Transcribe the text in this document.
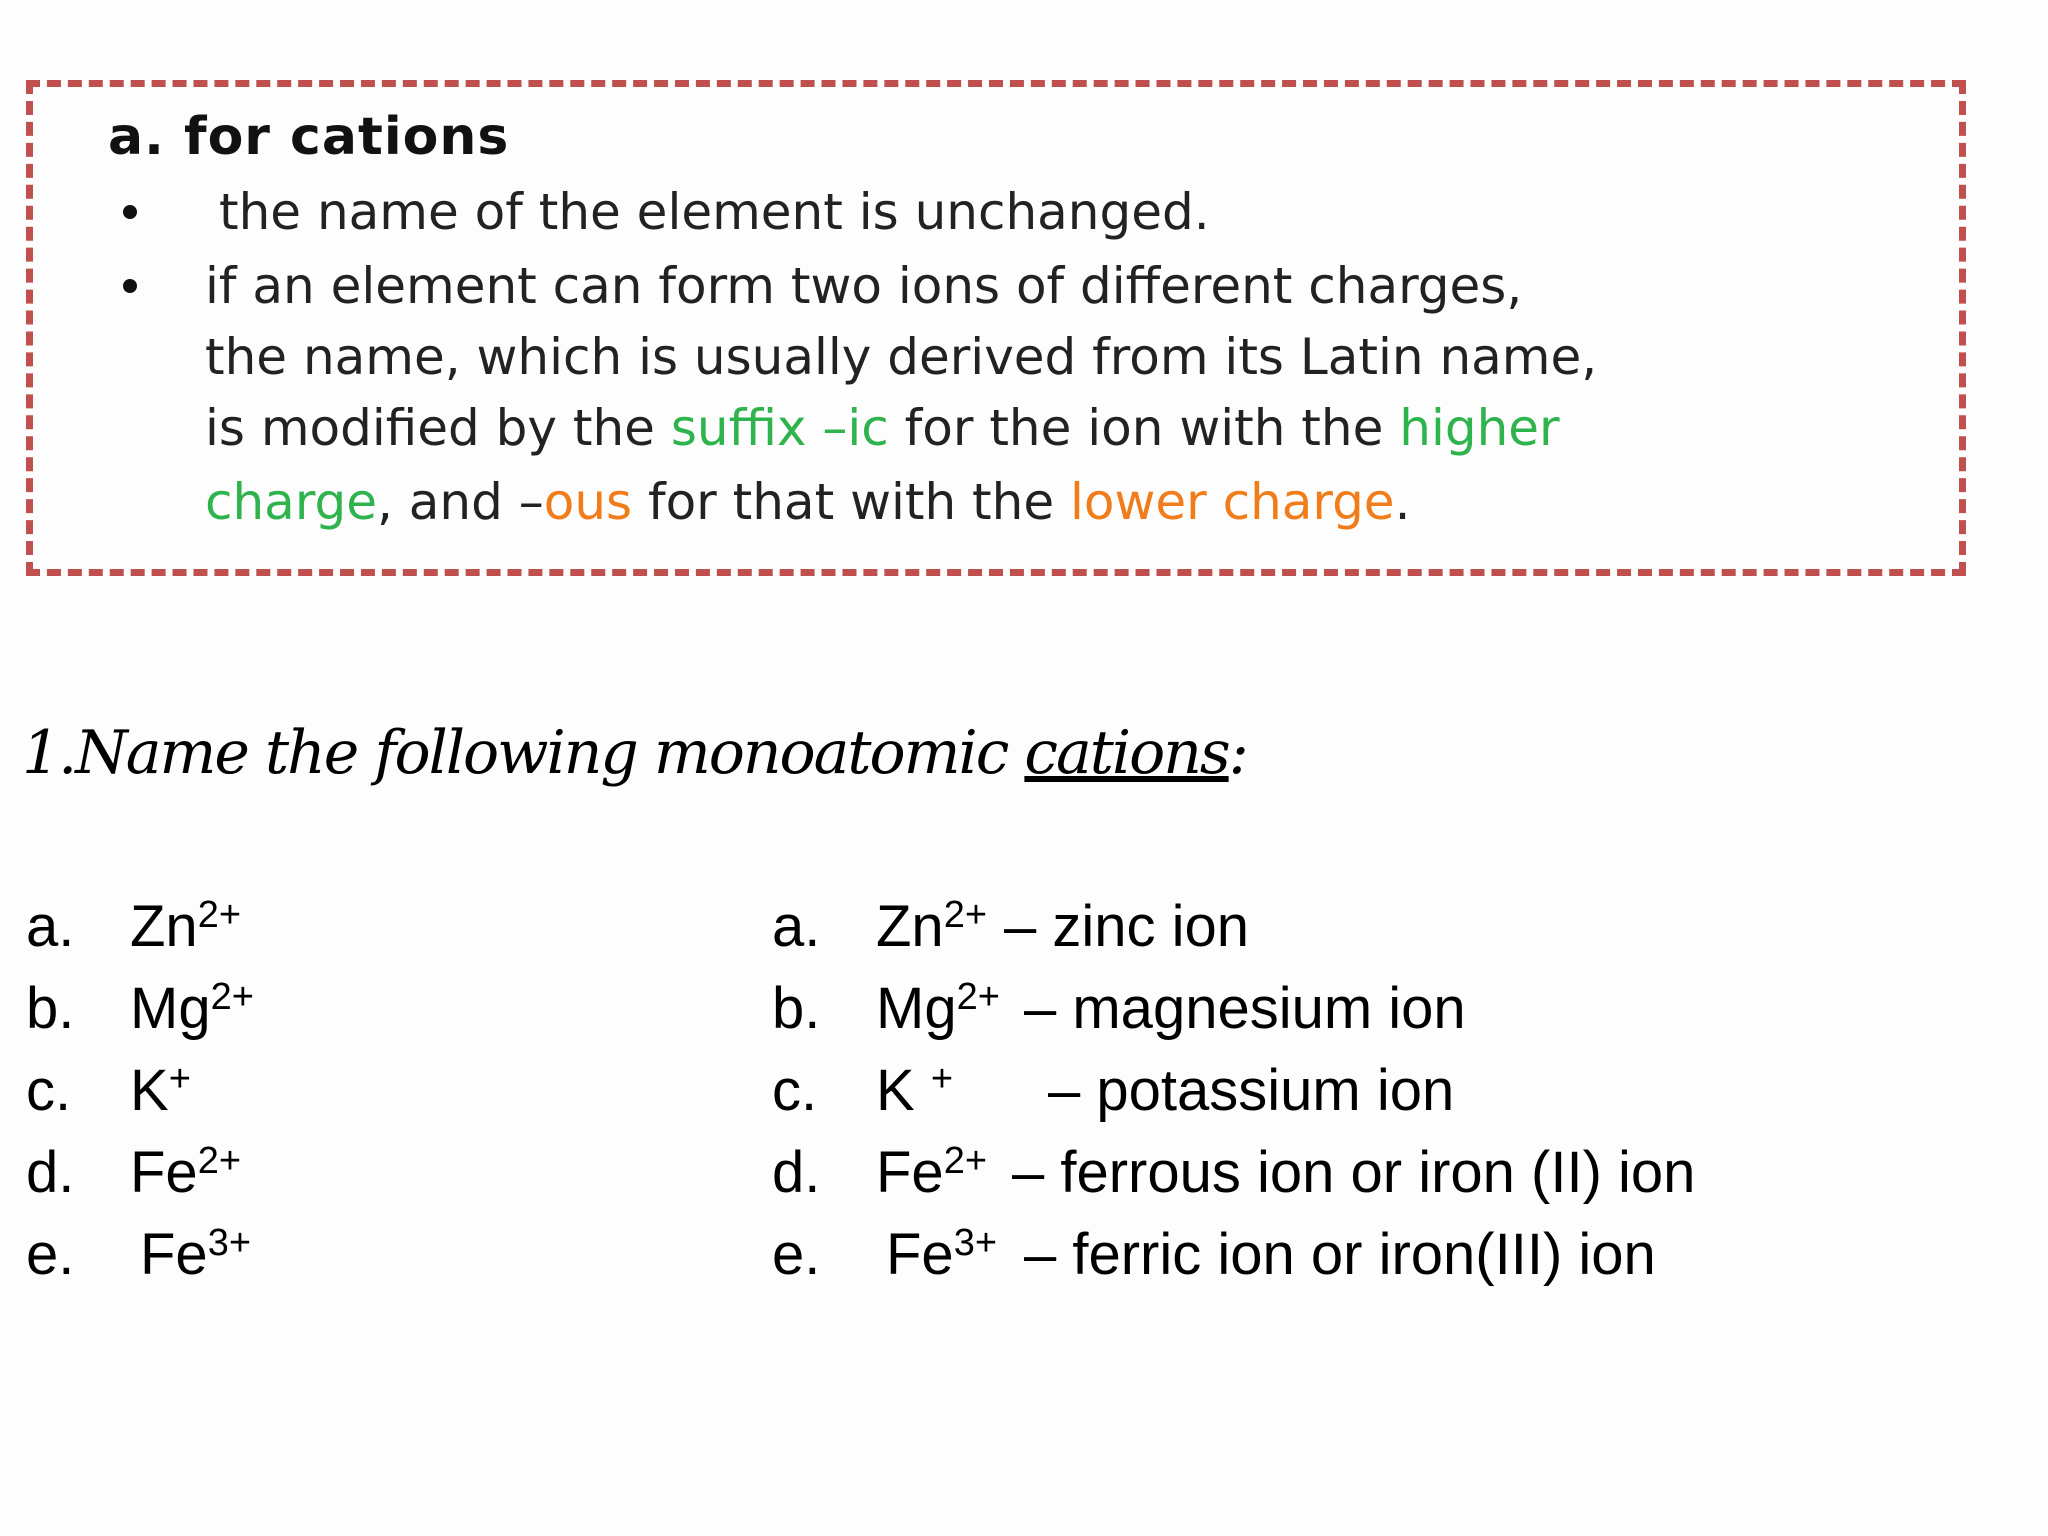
a. for cations
the name of the element is unchanged.
if an element can form two ions of different charges,
the name, which is usually derived from its Latin name,
is modified by the suffix –ic for the ion with the higher
charge, and –ous for that with the lower charge.
1.Name the following monoatomic cations:
a. $Zn^{2+}$
b. $Mg^{2+}$
c. K+
d. $Fe^{2+}$
e. $Fe^{3+}$
a. $Zn^{2+}$ – zinc ion
b. $Mg^{2+}$ – magnesium ion
c. K + – potassium ion
d. $Fe^{2+}$ – ferrous ion or iron (II) ion
e. $Fe^{3+}$ – ferric ion or iron(III) ion
